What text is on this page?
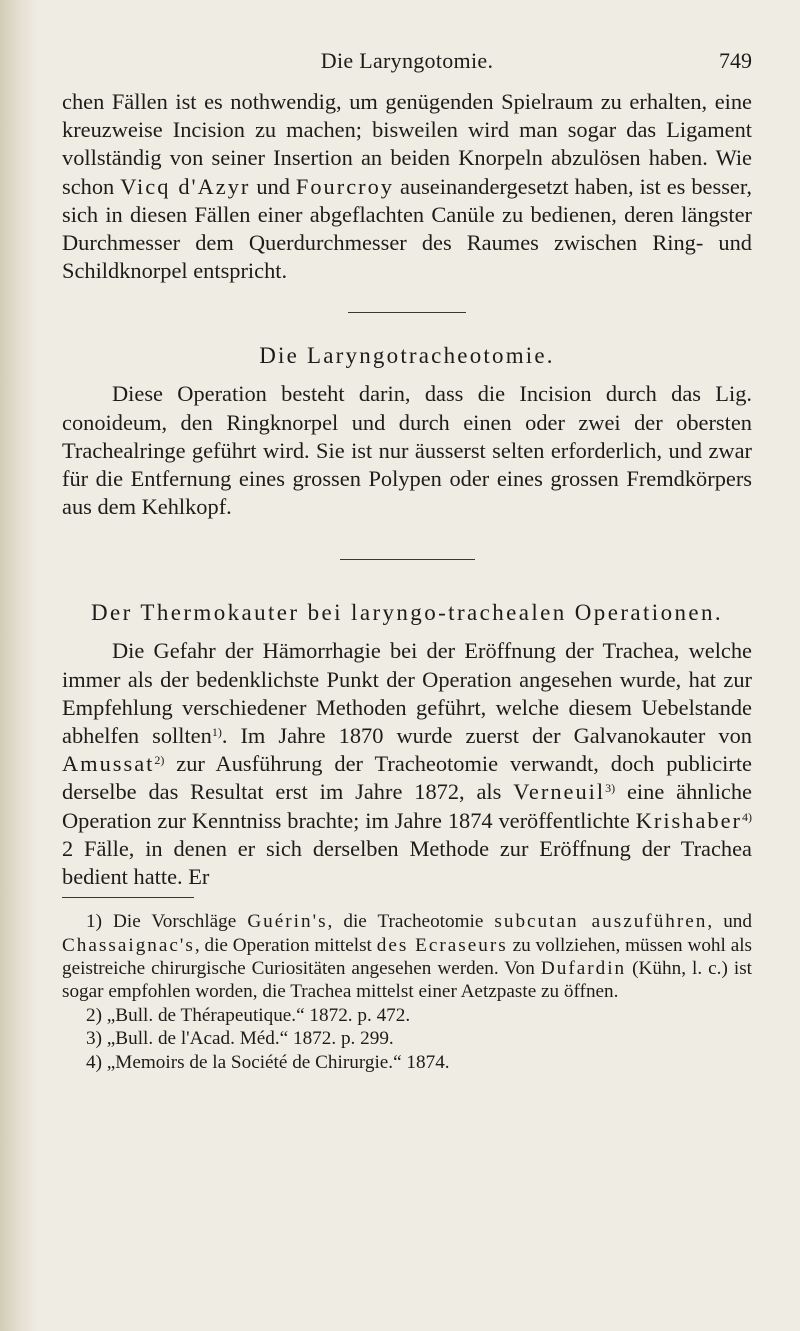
Die Laryngotomie.	749

chen Fällen ist es nothwendig, um genügenden Spielraum zu erhalten, eine kreuzweise Incision zu machen; bisweilen wird man sogar das Ligament vollständig von seiner Insertion an beiden Knorpeln abzulösen haben. Wie schon Vicq d'Azyr und Fourcroy auseinandergesetzt haben, ist es besser, sich in diesen Fällen einer abgeflachten Canüle zu bedienen, deren längster Durchmesser dem Querdurchmesser des Raumes zwischen Ring- und Schildknorpel entspricht.

Die Laryngotracheotomie.

Diese Operation besteht darin, dass die Incision durch das Lig. conoideum, den Ringknorpel und durch einen oder zwei der obersten Trachealringe geführt wird. Sie ist nur äusserst selten erforderlich, und zwar für die Entfernung eines grossen Polypen oder eines grossen Fremdkörpers aus dem Kehlkopf.

Der Thermokauter bei laryngo-trachealen Operationen.

Die Gefahr der Hämorrhagie bei der Eröffnung der Trachea, welche immer als der bedenklichste Punkt der Operation angesehen wurde, hat zur Empfehlung verschiedener Methoden geführt, welche diesem Uebelstande abhelfen sollten$^{1)}$. Im Jahre 1870 wurde zuerst der Galvanokauter von Amussat$^{2)}$ zur Ausführung der Tracheotomie verwandt, doch publicirte derselbe das Resultat erst im Jahre 1872, als Verneuil$^{3)}$ eine ähnliche Operation zur Kenntniss brachte; im Jahre 1874 veröffentlichte Krishaber$^{4)}$ 2 Fälle, in denen er sich derselben Methode zur Eröffnung der Trachea bedient hatte. Er

1) Die Vorschläge Guérin's, die Tracheotomie subcutan auszuführen, und Chassaignac's, die Operation mittelst des Ecraseurs zu vollziehen, müssen wohl als geistreiche chirurgische Curiositäten angesehen werden. Von Dufardin (Kühn, l. c.) ist sogar empfohlen worden, die Trachea mittelst einer Aetzpaste zu öffnen.

2) „Bull. de Thérapeutique.“ 1872. p. 472.

3) „Bull. de l'Acad. Méd.“ 1872. p. 299.

4) „Memoirs de la Société de Chirurgie.“ 1874.
